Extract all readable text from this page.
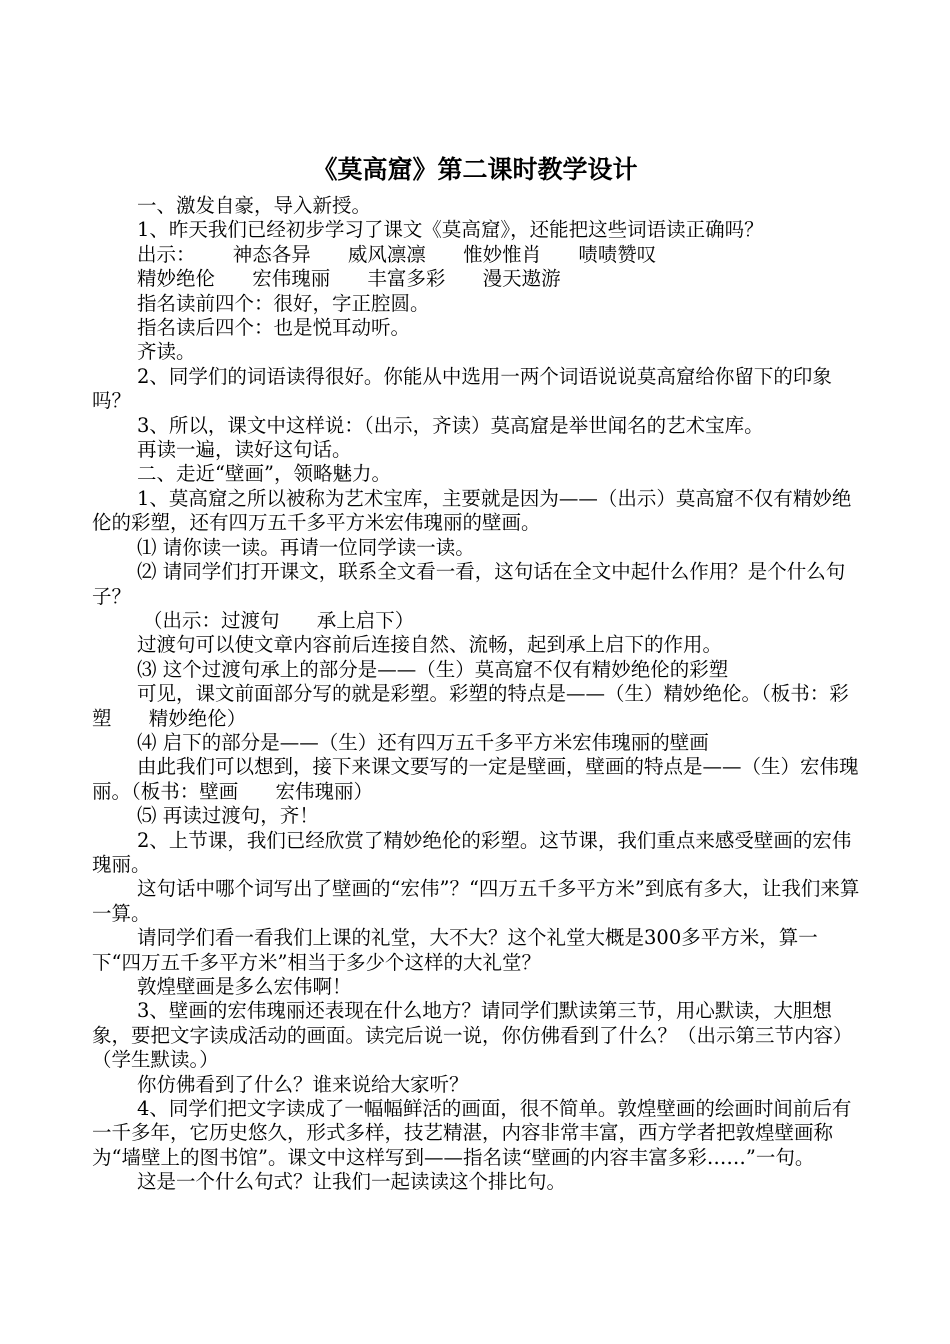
《莫高窟》第二课时教学设计

一、激发自豪，导入新授。

1、昨天我们已经初步学习了课文《莫高窟》，还能把这些词语读正确吗？

出示：      神态各异      威风凛凛      惟妙惟肖      啧啧赞叹

精妙绝伦      宏伟瑰丽      丰富多彩      漫天遨游

指名读前四个：很好，字正腔圆。

指名读后四个：也是悦耳动听。

齐读。

2、同学们的词语读得很好。你能从中选用一两个词语说说莫高窟给你留下的印象吗？

3、所以，课文中这样说：（出示，齐读）莫高窟是举世闻名的艺术宝库。

再读一遍，读好这句话。

二、走近“壁画”，领略魅力。

1、莫高窟之所以被称为艺术宝库，主要就是因为——（出示）莫高窟不仅有精妙绝伦的彩塑，还有四万五千多平方米宏伟瑰丽的壁画。

⑴ 请你读一读。再请一位同学读一读。

⑵ 请同学们打开课文，联系全文看一看，这句话在全文中起什么作用？是个什么句子？

（出示：过渡句      承上启下）

过渡句可以使文章内容前后连接自然、流畅，起到承上启下的作用。

⑶ 这个过渡句承上的部分是——（生）莫高窟不仅有精妙绝伦的彩塑

可见，课文前面部分写的就是彩塑。彩塑的特点是——（生）精妙绝伦。（板书：彩塑      精妙绝伦）

⑷ 启下的部分是——（生）还有四万五千多平方米宏伟瑰丽的壁画

由此我们可以想到，接下来课文要写的一定是壁画，壁画的特点是——（生）宏伟瑰丽。（板书：壁画      宏伟瑰丽）

⑸ 再读过渡句，齐！

2、上节课，我们已经欣赏了精妙绝伦的彩塑。这节课，我们重点来感受壁画的宏伟瑰丽。

这句话中哪个词写出了壁画的“宏伟”？“四万五千多平方米”到底有多大，让我们来算一算。

请同学们看一看我们上课的礼堂，大不大？这个礼堂大概是300多平方米，算一下“四万五千多平方米”相当于多少个这样的大礼堂？

敦煌壁画是多么宏伟啊！

3、壁画的宏伟瑰丽还表现在什么地方？请同学们默读第三节，用心默读，大胆想象，要把文字读成活动的画面。读完后说一说，你仿佛看到了什么？（出示第三节内容）（学生默读。）

你仿佛看到了什么？谁来说给大家听？

4、同学们把文字读成了一幅幅鲜活的画面，很不简单。敦煌壁画的绘画时间前后有一千多年，它历史悠久，形式多样，技艺精湛，内容非常丰富，西方学者把敦煌壁画称为“墙壁上的图书馆”。课文中这样写到——指名读“壁画的内容丰富多彩……”一句。

这是一个什么句式？让我们一起读读这个排比句。
